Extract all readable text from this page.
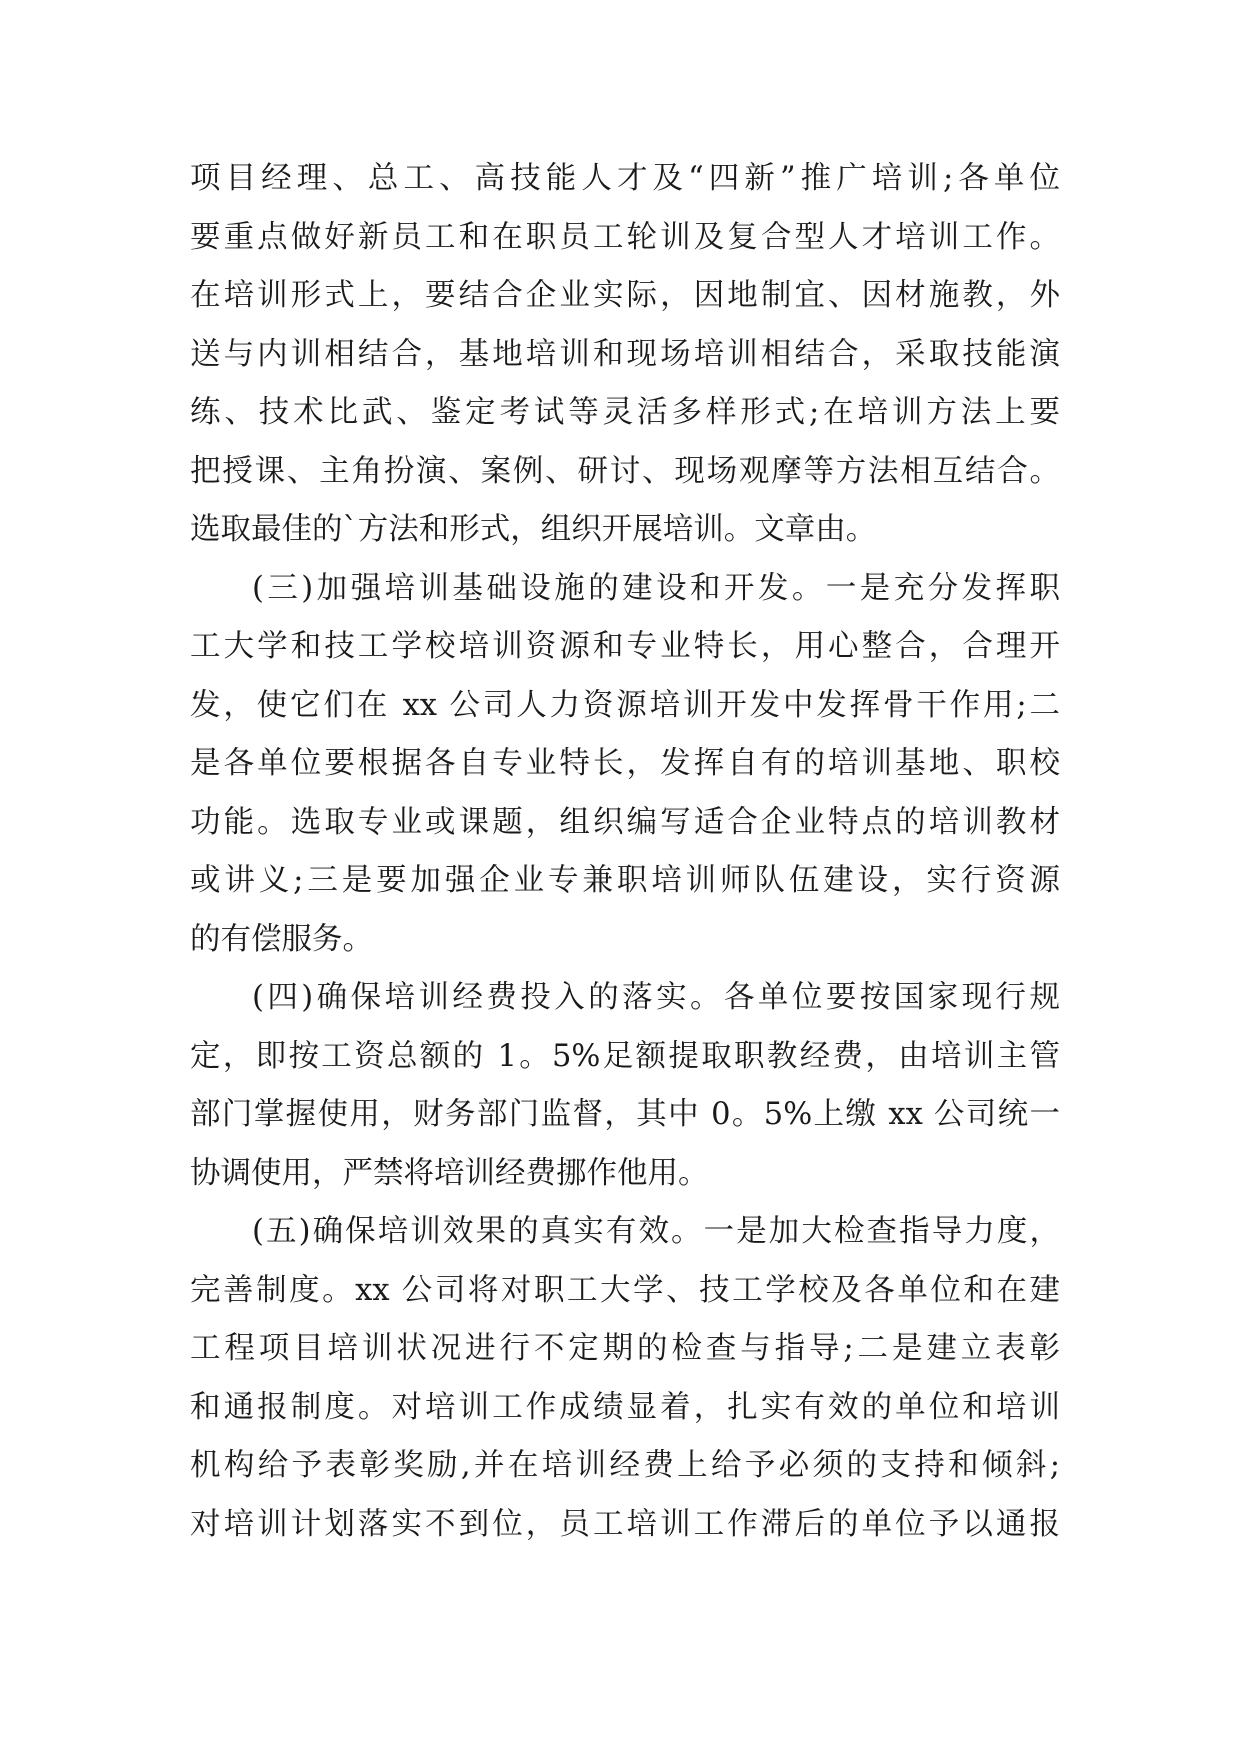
项目经理、总工、高技能人才及“四新”推广培训;各单位
要重点做好新员工和在职员工轮训及复合型人才培训工作。
在培训形式上，要结合企业实际，因地制宜、因材施教，外
送与内训相结合，基地培训和现场培训相结合，采取技能演
练、技术比武、鉴定考试等灵活多样形式;在培训方法上要
把授课、主角扮演、案例、研讨、现场观摩等方法相互结合。
选取最佳的`方法和形式，组织开展培训。文章由。
(三)加强培训基础设施的建设和开发。一是充分发挥职
工大学和技工学校培训资源和专业特长，用心整合，合理开
发，使它们在 xx 公司人力资源培训开发中发挥骨干作用;二
是各单位要根据各自专业特长，发挥自有的培训基地、职校
功能。选取专业或课题，组织编写适合企业特点的培训教材
或讲义;三是要加强企业专兼职培训师队伍建设，实行资源
的有偿服务。
(四)确保培训经费投入的落实。各单位要按国家现行规
定，即按工资总额的 1。5%足额提取职教经费，由培训主管
部门掌握使用，财务部门监督，其中 0。5%上缴 xx 公司统一
协调使用，严禁将培训经费挪作他用。
(五)确保培训效果的真实有效。一是加大检查指导力度，
完善制度。xx 公司将对职工大学、技工学校及各单位和在建
工程项目培训状况进行不定期的检查与指导;二是建立表彰
和通报制度。对培训工作成绩显着，扎实有效的单位和培训
机构给予表彰奖励,并在培训经费上给予必须的支持和倾斜;
对培训计划落实不到位，员工培训工作滞后的单位予以通报
